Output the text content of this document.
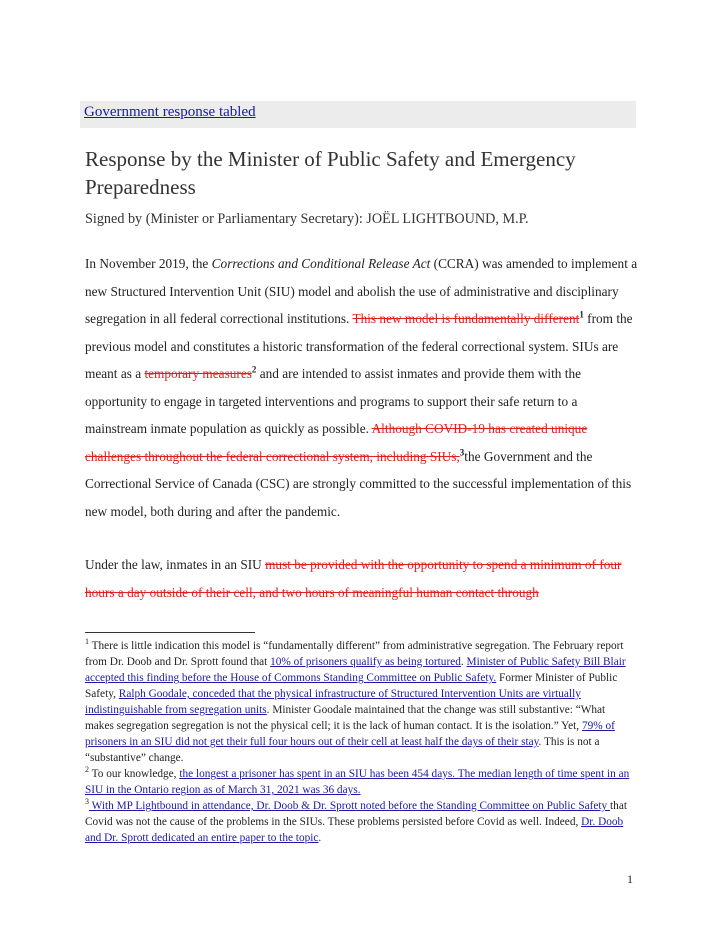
Government response tabled
Response by the Minister of Public Safety and Emergency Preparedness

Signed by (Minister or Parliamentary Secretary): JOËL LIGHTBOUND, M.P.

In November 2019, the Corrections and Conditional Release Act (CCRA) was amended to implement a new Structured Intervention Unit (SIU) model and abolish the use of administrative and disciplinary segregation in all federal correctional institutions. This new model is fundamentally different$^1$ from the previous model and constitutes a historic transformation of the federal correctional system. SIUs are meant as a temporary measures$^2$ and are intended to assist inmates and provide them with the opportunity to engage in targeted interventions and programs to support their safe return to a mainstream inmate population as quickly as possible. Although COVID-19 has created unique challenges throughout the federal correctional system, including SIUs,$^3$the Government and the Correctional Service of Canada (CSC) are strongly committed to the successful implementation of this new model, both during and after the pandemic.

Under the law, inmates in an SIU must be provided with the opportunity to spend a minimum of four hours a day outside of their cell, and two hours of meaningful human contact through

$^1$ There is little indication this model is “fundamentally different” from administrative segregation. The February report from Dr. Doob and Dr. Sprott found that 10% of prisoners qualify as being tortured. Minister of Public Safety Bill Blair accepted this finding before the House of Commons Standing Committee on Public Safety. Former Minister of Public Safety, Ralph Goodale, conceded that the physical infrastructure of Structured Intervention Units are virtually indistinguishable from segregation units. Minister Goodale maintained that the change was still substantive: “What makes segregation segregation is not the physical cell; it is the lack of human contact. It is the isolation.” Yet, 79% of prisoners in an SIU did not get their full four hours out of their cell at least half the days of their stay. This is not a “substantive” change.

$^2$ To our knowledge, the longest a prisoner has spent in an SIU has been 454 days. The median length of time spent in an SIU in the Ontario region as of March 31, 2021 was 36 days.

$^3$ With MP Lightbound in attendance, Dr. Doob & Dr. Sprott noted before the Standing Committee on Public Safety that Covid was not the cause of the problems in the SIUs. These problems persisted before Covid as well. Indeed, Dr. Doob and Dr. Sprott dedicated an entire paper to the topic.

1
